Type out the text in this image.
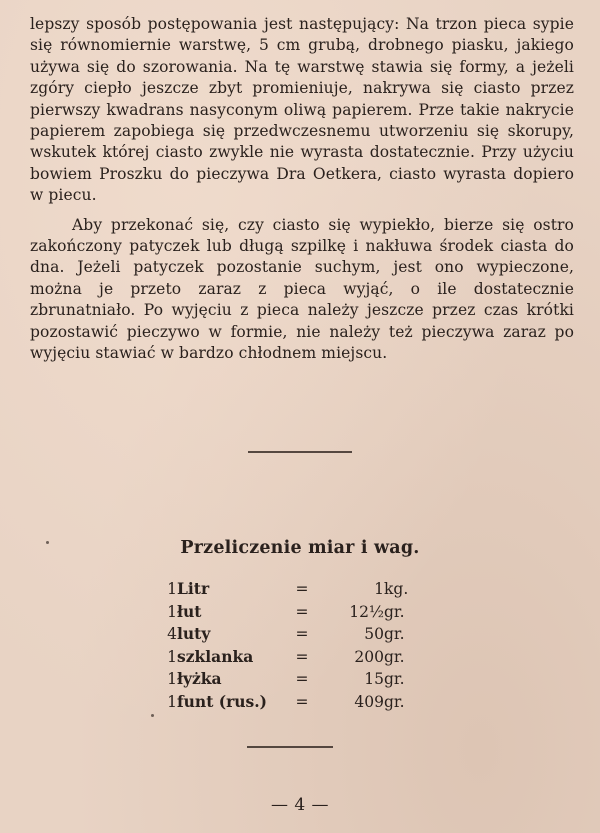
lepszy sposób postępowania jest następujący: Na trzon pieca sypie się równomiernie warstwę, 5 cm grubą, drobnego piasku, jakiego używa się do szorowania. Na tę warstwę stawia się formy, a jeżeli zgóry ciepło jeszcze zbyt promieniuje, nakrywa się ciasto przez pierwszy kwadrans nasyconym oliwą papierem. Prze takie nakrycie papierem zapobiega się przedwczesnemu utworzeniu się skorupy, wskutek której ciasto zwykle nie wyrasta dostatecznie. Przy użyciu bowiem Proszku do pieczywa Dra Oetkera, ciasto wyrasta dopiero w piecu.

Aby przekonać się, czy ciasto się wypiekło, bierze się ostro zakończony patyczek lub długą szpilkę i nakłuwa środek ciasta do dna. Jeżeli patyczek pozostanie suchym, jest ono wypieczone, można je przeto zaraz z pieca wyjąć, o ile dostatecznie zbrunatniało. Po wyjęciu z pieca należy jeszcze przez czas krótki pozostawić pieczywo w formie, nie należy też pieczywa zaraz po wyjęciu stawiać w bardzo chłodnem miejscu.

Przeliczenie miar i wag.
1	Litr	=	1	kg.
1	łut	=	12½	gr.
4	luty	=	50	gr.
1	szklanka	=	200	gr.
1	łyżka	=	15	gr.
1	funt (rus.)	=	409	gr.
— 4 —
